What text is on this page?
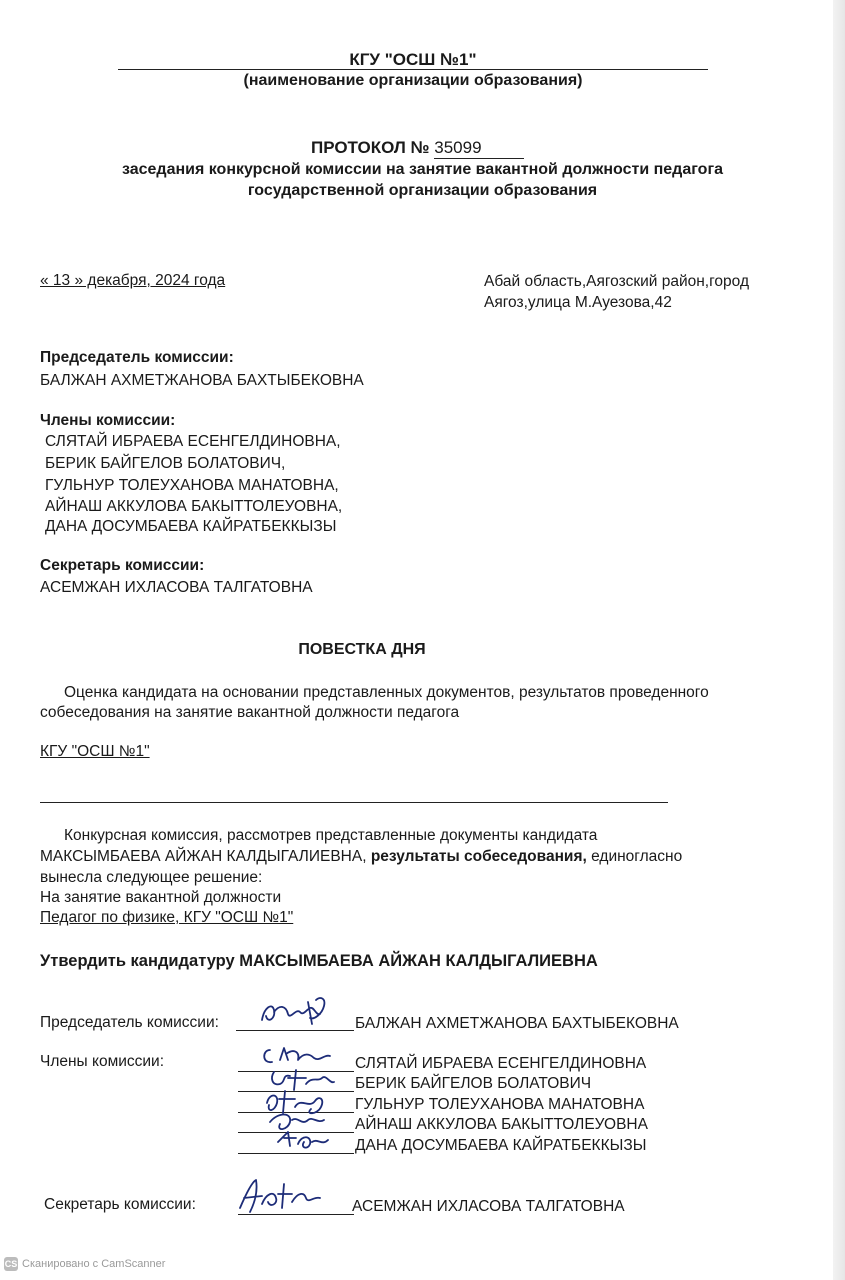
КГУ "ОСШ №1"
(наименование организации образования)
ПРОТОКОЛ № 35099
заседания конкурсной комиссии на занятие вакантной должности педагога
государственной организации образования
« 13 » декабря, 2024 года	Абай область,Аягозский район,город
Аягоз,улица М.Ауезова,42
Председатель комиссии:
БАЛЖАН АХМЕТЖАНОВА БАХТЫБЕКОВНА
Члены комиссии:
СЛЯТАЙ ИБРАЕВА ЕСЕНГЕЛДИНОВНА,
БЕРИК БАЙГЕЛОВ БОЛАТОВИЧ,
ГУЛЬНУР ТОЛЕУХАНОВА МАНАТОВНА,
АЙНАШ АККУЛОВА БАКЫТТОЛЕУОВНА,
ДАНА ДОСУМБАЕВА КАЙРАТБЕККЫЗЫ
Секретарь комиссии:
АСЕМЖАН ИХЛАСОВА ТАЛГАТОВНА
ПОВЕСТКА ДНЯ
Оценка кандидата на основании представленных документов, результатов проведенного
собеседования на занятие вакантной должности педагога
КГУ "ОСШ №1"
Конкурсная комиссия, рассмотрев представленные документы кандидата
МАКСЫМБАЕВА АЙЖАН КАЛДЫГАЛИЕВНА, результаты собеседования, единогласно
вынесла следующее решение:
На занятие вакантной должности
Педагог по физике, КГУ "ОСШ №1"
Утвердить кандидатуру МАКСЫМБАЕВА АЙЖАН КАЛДЫГАЛИЕВНА
Председатель комиссии:	БАЛЖАН АХМЕТЖАНОВА БАХТЫБЕКОВНА
Члены комиссии:	СЛЯТАЙ ИБРАЕВА ЕСЕНГЕЛДИНОВНА
БЕРИК БАЙГЕЛОВ БОЛАТОВИЧ
ГУЛЬНУР ТОЛЕУХАНОВА МАНАТОВНА
АЙНАШ АККУЛОВА БАКЫТТОЛЕУОВНА
ДАНА ДОСУМБАЕВА КАЙРАТБЕККЫЗЫ
Секретарь комиссии:	АСЕМЖАН ИХЛАСОВА ТАЛГАТОВНА
CS Сканировано с CamScanner
